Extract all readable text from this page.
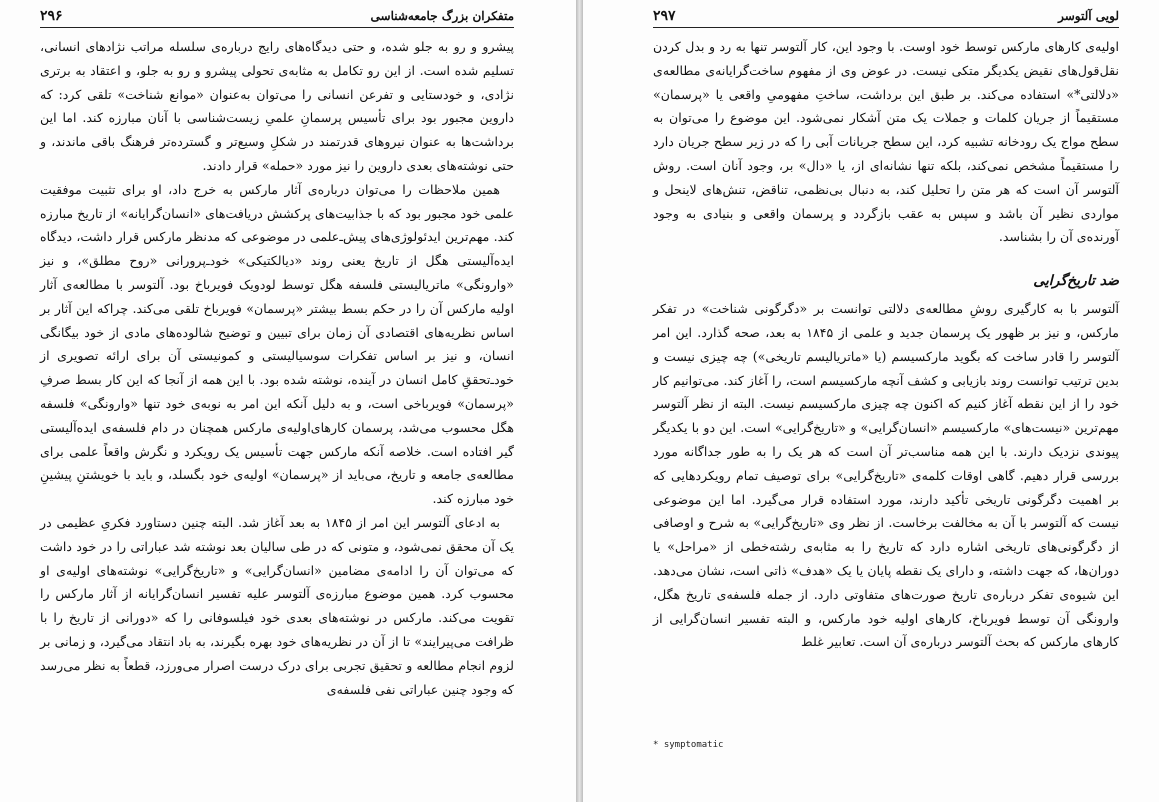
متفکران بزرگ جامعه‌شناسی
۲۹۶

پیشرو و رو به جلو شده، و حتی دیدگاه‌های رایج درباره‌ی سلسله مراتب نژادهای انسانی، تسلیم شده است. از این رو تکامل به مثابه‌ی تحولی پیشرو و رو به جلو، و اعتقاد به برتری نژادی، و خودستایی و تفرعن انسانی را می‌توان به‌عنوان «موانع شناخت» تلقی کرد: که داروین مجبور بود برای تأسیس پرسمانِ علمیِ زیست‌شناسی با آنان مبارزه کند. اما این برداشت‌ها به عنوان نیروهای قدرتمند در شکلِ وسیع‌تر و گسترده‌تر فرهنگ باقی ماندند، و حتی نوشته‌های بعدی داروین را نیز مورد «حمله» قرار دادند.

همین ملاحظات را می‌توان درباره‌ی آثار مارکس به خرج داد، او برای تثبیت موفقیت علمی خود مجبور بود که با جذابیت‌های پرکشش دریافت‌های «انسان‌گرایانه» از تاریخ مبارزه کند. مهم‌ترین ایدئولوژی‌های پیش‌ـ‌علمی در موضوعی که مدنظر مارکس قرار داشت، دیدگاه ایده‌آلیستی هگل از تاریخ یعنی روند «دیالکتیکی» خود‌ـ‌پرورانی «روح مطلق»، و نیز «وارونگی» ماتریالیستی فلسفه هگل توسط لودویک فویرباخ بود. آلتوسر با مطالعه‌ی آثار اولیه مارکس آن را در حکم بسط بیشتر «پرسمان» فویرباخ تلقی می‌کند. چراکه این آثار بر اساس نظریه‌های اقتصادی آن زمان برای تبیین و توضیح شالوده‌های مادی از خود بیگانگی انسان، و نیز بر اساس تفکرات سوسیالیستی و کمونیستی آن برای ارائه تصویری از خود‌ـ‌تحققِ کامل انسان در آینده، نوشته شده بود. با این همه از آنجا که این کار بسط صرفِ «پرسمان» فویرباخی است، و به دلیل آنکه این امر به نوبه‌ی خود تنها «وارونگی» فلسفه هگل محسوب می‌شد، پرسمان کارهای‌اولیه‌ی مارکس همچنان در دام فلسفه‌ی ایده‌آلیستی گیر افتاده است. خلاصه آنکه مارکس جهت تأسیس یک رویکرد و نگرش واقعاً علمی برای مطالعه‌ی جامعه و تاریخ، می‌باید از «پرسمان» اولیه‌ی خود بگسلد، و باید با خویشتنِ پیشینِ خود مبارزه کند.

به ادعای آلتوسر این امر از ۱۸۴۵ به بعد آغاز شد. البته چنین دستاورد فکریِ عظیمی در یک آن محقق نمی‌شود، و متونی که در طی سالیان بعد نوشته شد عباراتی را در خود داشت که می‌توان آن را ادامه‌ی مضامین «انسان‌گرایی» و «تاریخ‌گرایی» نوشته‌های اولیه‌ی او محسوب کرد. همین موضوع مبارزه‌ی آلتوسر علیه تفسیر انسان‌گرایانه از آثار مارکس را تقویت می‌کند. مارکس در نوشته‌های بعدی خود فیلسوفانی را که «دورانی از تاریخ را با ظرافت می‌پیرایند» تا از آن در نظریه‌های خود بهره بگیرند، به باد انتقاد می‌گیرد، و زمانی بر لزوم انجام مطالعه و تحقیق تجربی برای درک درست اصرار می‌ورزد، قطعاً به نظر می‌رسد که وجود چنین عباراتی نفی فلسفه‌ی

لویی آلتوسر
۲۹۷

اولیه‌ی کارهای مارکس توسط خود اوست. با وجود این، کار آلتوسر تنها به رد و بدل کردن نقل‌قول‌های نقیض یکدیگر متکی نیست. در عوض وی از مفهوم ساخت‌گرایانه‌ی مطالعه‌ی «دلالتی*» استفاده می‌کند. بر طبق این برداشت، ساختِ مفهومیِ واقعی یا «پرسمان» مستقیماً از جریان کلمات و جملات یک متن آشکار نمی‌شود. این موضوع را می‌توان به سطح مواج یک رودخانه تشبیه کرد، این سطح جریانات آبی را که در زیر سطح جریان دارد را مستقیماً مشخص نمی‌کند، بلکه تنها نشانه‌ای از، یا «دال» بر، وجود آنان است. روش آلتوسر آن است که هر متن را تحلیل کند، به دنبال بی‌نظمی، تناقض، تنش‌های لاینحل و مواردی نظیر آن باشد و سپس به عقب بازگردد و پرسمان واقعی و بنیادی به وجود آورنده‌ی آن را بشناسد.

ضد تاریخ‌گرایی

آلتوسر با به کارگیری روشِ مطالعه‌ی دلالتی توانست بر «دگرگونی شناخت» در تفکر مارکس، و نیز بر ظهور یک پرسمان جدید و علمی از ۱۸۴۵ به بعد، صحه گذارد. این امر آلتوسر را قادر ساخت که بگوید مارکسیسم (یا «ماتریالیسم تاریخی») چه چیزی نیست و بدین ترتیب توانست روند بازیابی و کشف آنچه مارکسیسم است، را آغاز کند. می‌توانیم کار خود را از این نقطه آغاز کنیم که اکنون چه چیزی مارکسیسم نیست. البته از نظر آلتوسر مهم‌ترین «نیست‌های» مارکسیسم «انسان‌گرایی» و «تاریخ‌گرایی» است. این دو با یکدیگر پیوندی نزدیک دارند. با این همه مناسب‌تر آن است که هر یک را به طور جداگانه مورد بررسی قرار دهیم. گاهی اوقات کلمه‌ی «تاریخ‌گرایی» برای توصیف تمام رویکردهایی که بر اهمیت دگرگونی تاریخی تأکید دارند، مورد استفاده قرار می‌گیرد. اما این موضوعی نیست که آلتوسر با آن به مخالفت برخاست. از نظر وی «تاریخ‌گرایی» به شرح و اوصافی از دگرگونی‌های تاریخی اشاره دارد که تاریخ را به مثابه‌ی رشته‌خطی از «مراحل» یا دوران‌ها، که جهت داشته، و دارای یک نقطه پایان یا یک «هدف» ذاتی است، نشان می‌دهد. این شیوه‌ی تفکر درباره‌ی تاریخ صورت‌های متفاوتی دارد. از جمله فلسفه‌ی تاریخ هگل، وارونگی آن توسط فویرباخ، کارهای اولیه خود مارکس، و البته تفسیر انسان‌گرایی از کارهای مارکس که بحث آلتوسر درباره‌ی آن است. تعابیر غلط

* symptomatic
